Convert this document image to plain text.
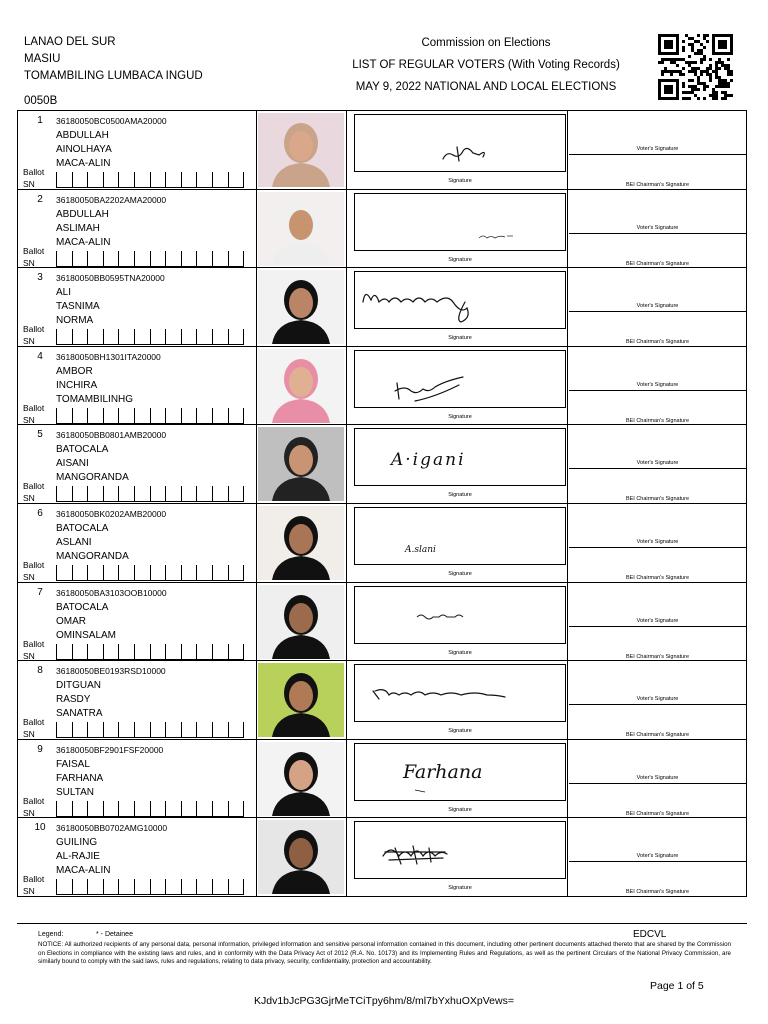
LANAO DEL SUR
MASIU
TOMAMBILING LUMBACA INGUD
0050B
Commission on Elections
LIST OF REGULAR VOTERS (With Voting Records)
MAY 9, 2022 NATIONAL AND LOCAL ELECTIONS
1	36180050BC0500AMA20000
ABDULLAH
AINOLHAYA
MACA-ALIN
Ballot
SN	Signature
Voter's Signature
BEI Chairman's Signature
2	36180050BA2202AMA20000
ABDULLAH
ASLIMAH
MACA-ALIN
Ballot
SN	Signature
Voter's Signature
BEI Chairman's Signature
3	36180050BB0595TNA20000
ALI
TASNIMA
NORMA
Ballot
SN	Signature
Voter's Signature
BEI Chairman's Signature
4	36180050BH1301ITA20000
AMBOR
INCHIRA
TOMAMBILINHG
Ballot
SN	Signature
Voter's Signature
BEI Chairman's Signature
5	36180050BB0801AMB20000
BATOCALA
AISANI
MANGORANDA
Ballot
SN
A·igani
Signature
Voter's Signature
BEI Chairman's Signature
6	36180050BK0202AMB20000
BATOCALA
ASLANI
MANGORANDA
Ballot
SN
A.slani
Signature
Voter's Signature
BEI Chairman's Signature
7	36180050BA3103OOB10000
BATOCALA
OMAR
OMINSALAM
Ballot
SN	Signature
Voter's Signature
BEI Chairman's Signature
8	36180050BE0193RSD10000
DITGUAN
RASDY
SANATRA
Ballot
SN	Signature
Voter's Signature
BEI Chairman's Signature
9	36180050BF2901FSF20000
FAISAL
FARHANA
SULTAN
Ballot
SN
Farhana
Signature
Voter's Signature
BEI Chairman's Signature
10 36180050BB0702AMG10000
GUILING
AL-RAJIE
MACA-ALIN
Ballot
SN	Signature
Voter's Signature
BEI Chairman's Signature
Legend:	* - Detainee	EDCVL
NOTICE: All authorized recipients of any personal data, personal information, privileged information and sensitive personal information contained in this document, including other pertinent documents attached thereto that are shared by the Commission on Elections in compliance with the existing laws and rules, and in conformity with the Data Privacy Act of 2012 (R.A. No. 10173) and its Implementing Rules and Regulations, as well as the pertinent Circulars of the National Privacy Commission, are similarly bound to comply with the said laws, rules and regulations, relating to data privacy, security, confidentiality, protection and accountability.
Page 1 of 5
KJdv1bJcPG3GjrMeTCiTpy6hm/8/ml7bYxhuOXpVews=
